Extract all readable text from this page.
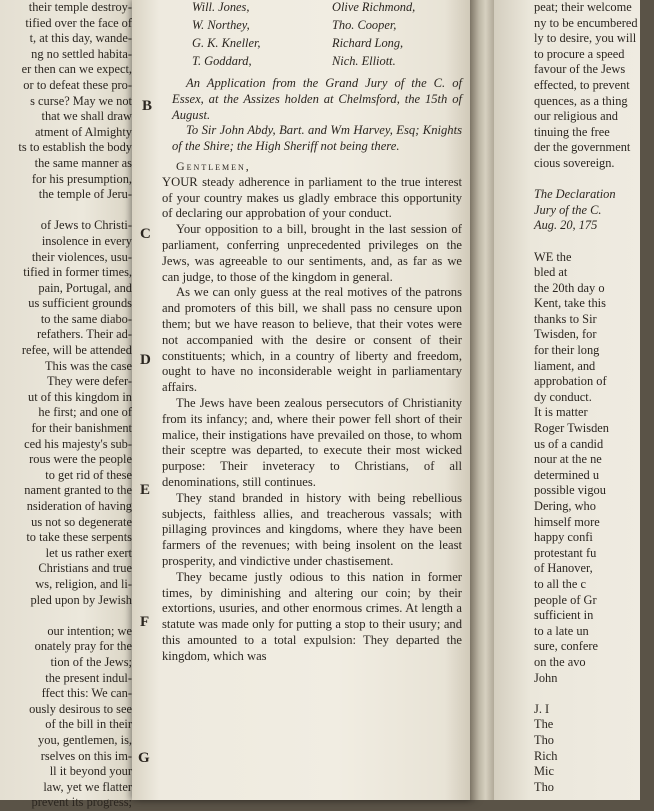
their temple destroy-
tified over the face of
t, at this day, wande-
ng no settled habita-
er then can we expect,
or to defeat these pro-
s curse? May we not
that we shall draw
atment of Almighty
ts to establish the body
the same manner as
for his presumption,
the temple of Jeru-
of Jews to Christi-
insolence in every
their violences, usu-
tified in former times,
pain, Portugal, and
us sufficient grounds
to the same diabo-
refathers. Their ad-
refee, will be attended
This was the case
They were defer-
ut of this kingdom in
he first; and one of
for their banishment
ced his majesty's sub-
rous were the people
to get rid of these
nament granted to the
nsideration of having
us not so degenerate
to take these serpents
let us rather exert
Christians and true
ws, religion, and li-
pled upon by Jewish
our intention; we
onately pray for the
tion of the Jews;
the present indul-
ffect this: We can-
ously desirous to see
of the bill in their
you, gentlemen, is,
rselves on this im-
ll it beyond your
law, yet we flatter
prevent its progress;
Will. Jones,	Olive Richmond,
W. Northey,	Tho. Cooper,
G. K. Kneller,	Richard Long,
T. Goddard,	Nich. Elliott.
B
C
D
E
F
G

An Application from the Grand Jury of the C. of Essex, at the Assizes holden at Chelmsford, the 15th of August.

To Sir John Abdy, Bart. and Wm Harvey, Esq; Knights of the Shire; the High Sheriff not being there.

Gentlemen,

YOUR steady adherence in parliament to the true interest of your country makes us gladly embrace this opportunity of declaring our approbation of your conduct.

Your opposition to a bill, brought in the last session of parliament, conferring unprecedented privileges on the Jews, was agreeable to our sentiments, and, as far as we can judge, to those of the kingdom in general.

As we can only guess at the real motives of the patrons and promoters of this bill, we shall pass no censure upon them; but we have reason to believe, that their votes were not accompanied with the desire or consent of their constituents; which, in a country of liberty and freedom, ought to have no inconsiderable weight in parliamentary affairs.

The Jews have been zealous persecutors of Christianity from its infancy; and, where their power fell short of their malice, their instigations have prevailed on those, to whom their sceptre was departed, to execute their most wicked purpose: Their inveteracy to Christians, of all denominations, still continues.

They stand branded in history with being rebellious subjects, faithless allies, and treacherous vassals; with pillaging provinces and kingdoms, where they have been farmers of the revenues; with being insolent on the least prosperity, and vindictive under chastisement.

They became justly odious to this nation in former times, by diminishing and altering our coin; by their extortions, usuries, and other enormous crimes. At length a statute was made only for putting a stop to their usury; and this amounted to a total expulsion: They departed the kingdom, which was

peat; their welcome
ny to be encumbered
ly to desire, you will
to procure a speed
favour of the Jews
effected, to prevent
quences, as a thing
our religious and
tinuing the free
der the government
cious sovereign.
The Declaration
Jury of the C.
Aug. 20, 175
WE the
bled at
the 20th day o
Kent, take this
thanks to Sir
Twisden, for
for their long
liament, and
approbation of
dy conduct.
It is matter
Roger Twisden
us of a candid
nour at the ne
determined u
possible vigou
Dering, who
himself more
happy confi
protestant fu
of Hanover,
to all the c
people of Gr
sufficient in
to a late un
sure, confere
on the avo
John
J. I
The
Tho
Rich
Mic
Tho
